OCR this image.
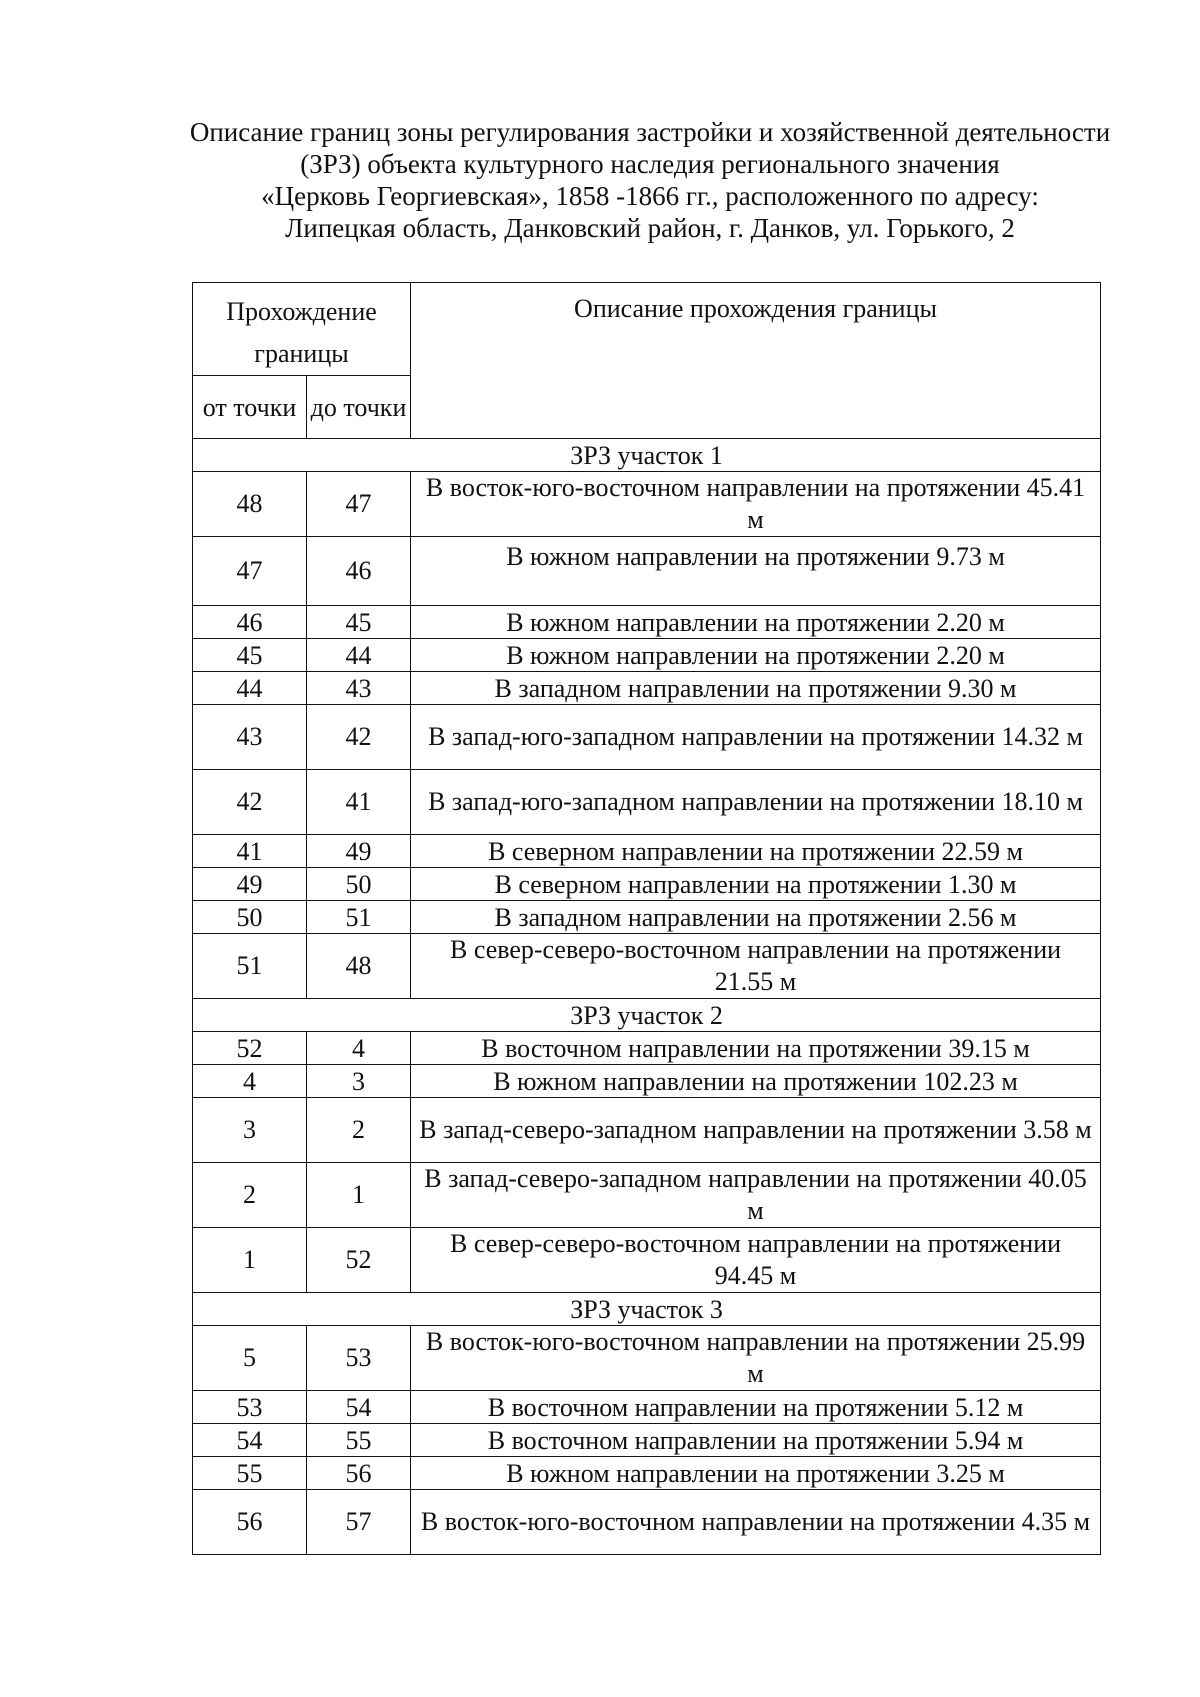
Описание границ зоны регулирования застройки и хозяйственной деятельности
(ЗРЗ) объекта культурного наследия регионального значения
«Церковь Георгиевская», 1858 -1866 гг., расположенного по адресу:
Липецкая область, Данковский район, г. Данков, ул. Горького, 2
Прохождение границы		Описание прохождения границы
от точки	до точки	
ЗРЗ участок 1		
48	47	В восток-юго-восточном направлении на протяжении 45.41 м
47	46	В южном направлении на протяжении 9.73 м
46	45	В южном направлении на протяжении 2.20 м
45	44	В южном направлении на протяжении 2.20 м
44	43	В западном направлении на протяжении 9.30 м
43	42	В запад-юго-западном направлении на протяжении 14.32 м
42	41	В запад-юго-западном направлении на протяжении 18.10 м
41	49	В северном направлении на протяжении 22.59 м
49	50	В северном направлении на протяжении 1.30 м
50	51	В западном направлении на протяжении 2.56 м
51	48	В север-северо-восточном направлении на протяжении 21.55 м
ЗРЗ участок 2		
52	4	В восточном направлении на протяжении 39.15 м
4	3	В южном направлении на протяжении 102.23 м
3	2	В запад-северо-западном направлении на протяжении 3.58 м
2	1	В запад-северо-западном направлении на протяжении 40.05 м
1	52	В север-северо-восточном направлении на протяжении 94.45 м
ЗРЗ участок 3		
5	53	В восток-юго-восточном направлении на протяжении 25.99 м
53	54	В восточном направлении на протяжении 5.12 м
54	55	В восточном направлении на протяжении 5.94 м
55	56	В южном направлении на протяжении 3.25 м
56	57	В восток-юго-восточном направлении на протяжении 4.35 м
